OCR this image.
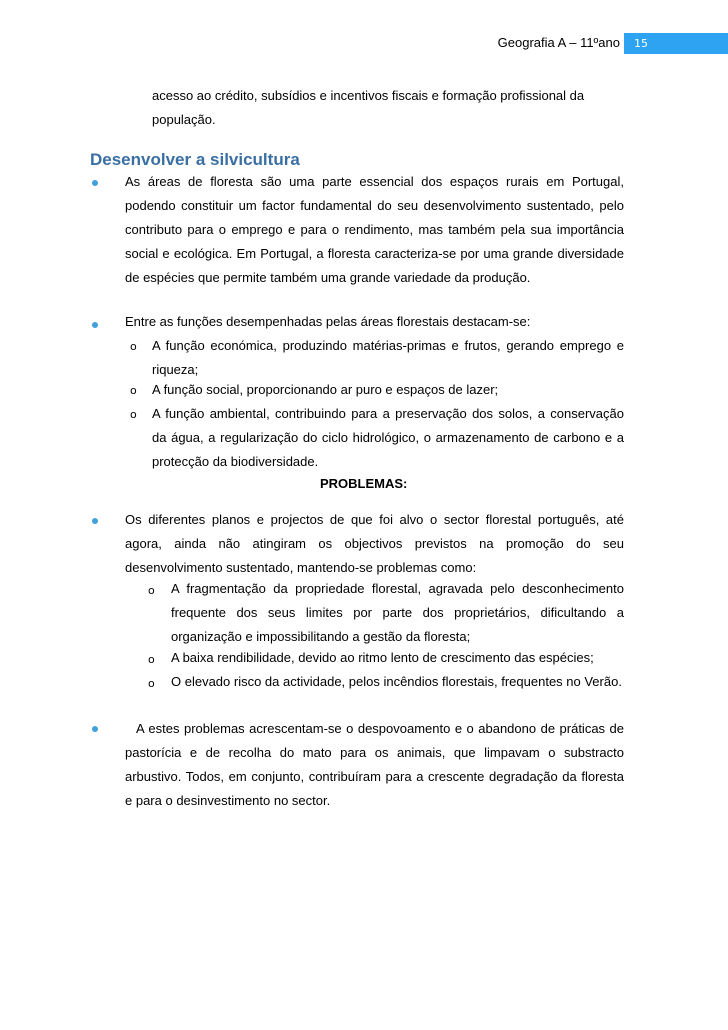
Geografia A – 11ºano	15
acesso ao crédito, subsídios e incentivos fiscais e formação profissional da
população.
Desenvolver a silvicultura
As áreas de floresta são uma parte essencial dos espaços rurais em Portugal, podendo constituir um factor fundamental do seu desenvolvimento sustentado, pelo contributo para o emprego e para o rendimento, mas também pela sua importância social e ecológica. Em Portugal, a floresta caracteriza-se por uma grande diversidade de espécies que permite também uma grande variedade da produção.
Entre as funções desempenhadas pelas áreas florestais destacam-se:
o A função económica, produzindo matérias-primas e frutos, gerando emprego e riqueza;
o A função social, proporcionando ar puro e espaços de lazer;
o A função ambiental, contribuindo para a preservação dos solos, a conservação da água, a regularização do ciclo hidrológico, o armazenamento de carbono e a protecção da biodiversidade.
PROBLEMAS:
Os diferentes planos e projectos de que foi alvo o sector florestal português, até agora, ainda não atingiram os objectivos previstos na promoção do seu desenvolvimento sustentado, mantendo-se problemas como:
o A fragmentação da propriedade florestal, agravada pelo desconhecimento frequente dos seus limites por parte dos proprietários, dificultando a organização e impossibilitando a gestão da floresta;
o A baixa rendibilidade, devido ao ritmo lento de crescimento das espécies;
o O elevado risco da actividade, pelos incêndios florestais, frequentes no Verão.
A estes problemas acrescentam-se o despovoamento e o abandono de práticas de pastorícia e de recolha do mato para os animais, que limpavam o substracto arbustivo. Todos, em conjunto, contribuíram para a crescente degradação da floresta e para o desinvestimento no sector.
